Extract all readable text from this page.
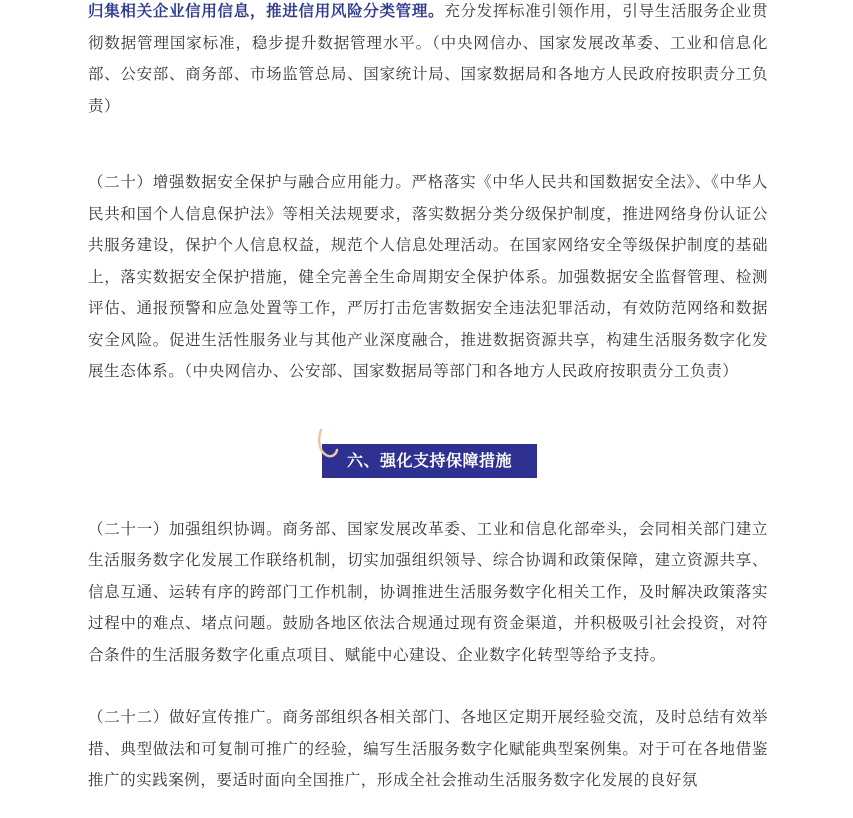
归集相关企业信用信息，推进信用风险分类管理。充分发挥标准引领作用，引导生活服务企业贯彻数据管理国家标准，稳步提升数据管理水平。（中央网信办、国家发展改革委、工业和信息化部、公安部、商务部、市场监管总局、国家统计局、国家数据局和各地方人民政府按职责分工负责）

（二十）增强数据安全保护与融合应用能力。严格落实《中华人民共和国数据安全法》、《中华人民共和国个人信息保护法》等相关法规要求，落实数据分类分级保护制度，推进网络身份认证公共服务建设，保护个人信息权益，规范个人信息处理活动。在国家网络安全等级保护制度的基础上，落实数据安全保护措施，健全完善全生命周期安全保护体系。加强数据安全监督管理、检测评估、通报预警和应急处置等工作，严厉打击危害数据安全违法犯罪活动，有效防范网络和数据安全风险。促进生活性服务业与其他产业深度融合，推进数据资源共享，构建生活服务数字化发展生态体系。（中央网信办、公安部、国家数据局等部门和各地方人民政府按职责分工负责）

六、强化支持保障措施

（二十一）加强组织协调。商务部、国家发展改革委、工业和信息化部牵头，会同相关部门建立生活服务数字化发展工作联络机制，切实加强组织领导、综合协调和政策保障，建立资源共享、信息互通、运转有序的跨部门工作机制，协调推进生活服务数字化相关工作，及时解决政策落实过程中的难点、堵点问题。鼓励各地区依法合规通过现有资金渠道，并积极吸引社会投资，对符合条件的生活服务数字化重点项目、赋能中心建设、企业数字化转型等给予支持。

（二十二）做好宣传推广。商务部组织各相关部门、各地区定期开展经验交流，及时总结有效举措、典型做法和可复制可推广的经验，编写生活服务数字化赋能典型案例集。对于可在各地借鉴推广的实践案例，要适时面向全国推广，形成全社会推动生活服务数字化发展的良好氛
